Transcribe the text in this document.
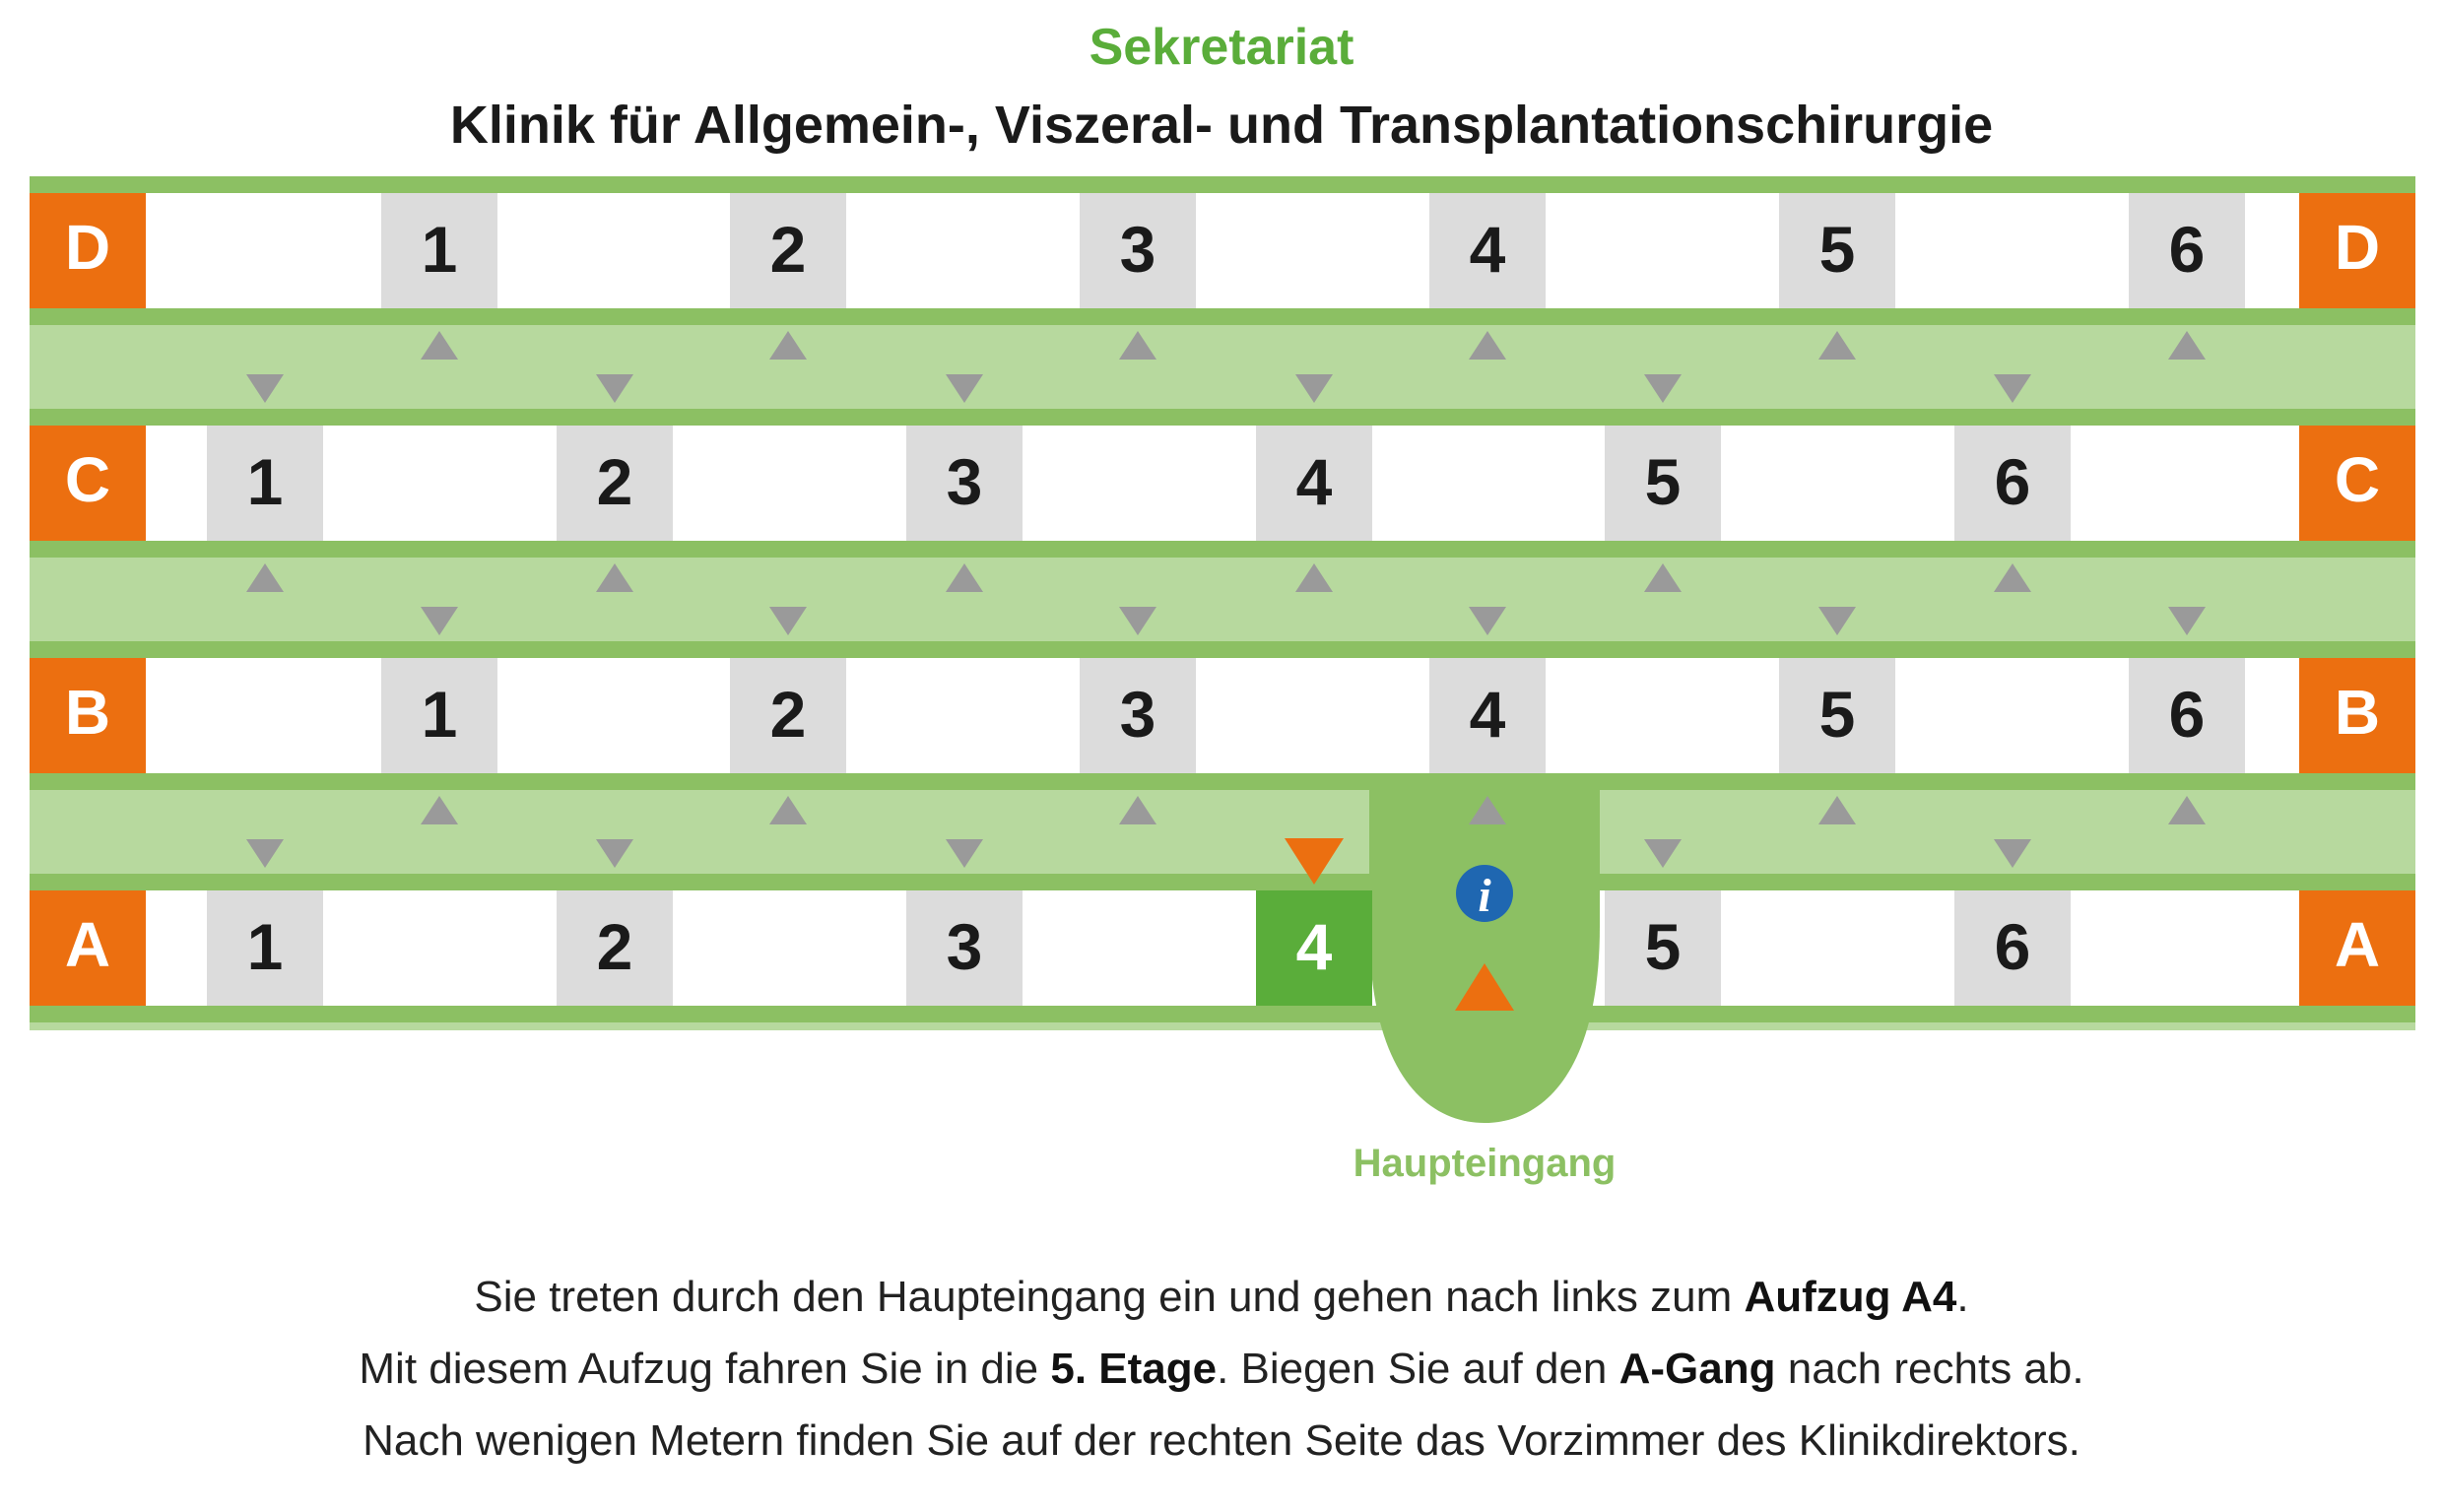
Sekretariat
Klinik für Allgemein-, Viszeral- und Transplantationschirurgie
Haupteingang
i
A	A
B	B
C	C
D	D
1	2	3	4	5	6
1	2	3	4	5	6
1	2	3	4	5	6
1	2	3	4	5	6
Sie treten durch den Haupteingang ein und gehen nach links zum Aufzug A4.
Mit diesem Aufzug fahren Sie in die 5. Etage. Biegen Sie auf den A-Gang nach rechts ab.
Nach wenigen Metern finden Sie auf der rechten Seite das Vorzimmer des Klinikdirektors.
